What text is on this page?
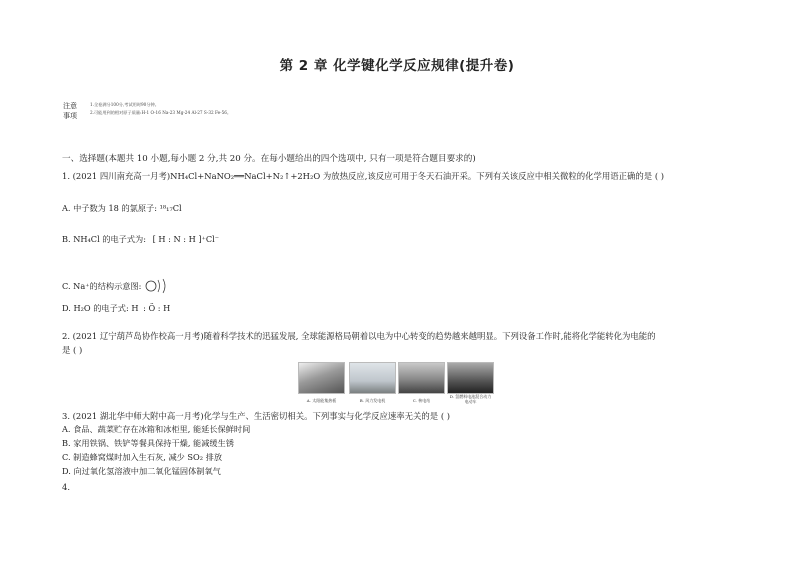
第 2 章 化学键化学反应规律(提升卷)
注意
事项
1.全卷满分100分,考试用时90分钟。
2.可能用到的相对原子质量:H-1 O-16 Na-23 Mg-24 Al-27 S-32 Fe-56。
一、选择题(本题共 10 小题,每小题 2 分,共 20 分。在每小题给出的四个选项中, 只有一项是符合题目要求的)
1. (2021 四川南充高一月考)NH₄Cl+NaNO₂══NaCl+N₂↑+2H₂O 为放热反应,该反应可用于冬天石油开采。下列有关该反应中相关微粒的化学用语正确的是 ( )
A. 中子数为 18 的氯原子: ¹⁸₁₇Cl
B. NH₄Cl 的电子式为: [ H : N : H ]⁺Cl⁻
C. Na⁺的结构示意图:
D. H₂O 的电子式: H : Ö : H
2. (2021 辽宁葫芦岛协作校高一月考)随着科学技术的迅猛发展, 全球能源格局朝着以电为中心转变的趋势越来越明显。下列设备工作时,能将化学能转化为电能的
是 ( )
A. 太阳能集热板	B. 风力发电机	C. 核电站
D. 氢燃料电池混合动力电动车
3. (2021 湖北华中师大附中高一月考)化学与生产、生活密切相关。下列事实与化学反应速率无关的是 ( )
A. 食品、蔬菜贮存在冰箱和冰柜里, 能延长保鲜时间
B. 家用铁锅、铁铲等餐具保持干燥, 能减缓生锈
C. 制造蜂窝煤时加入生石灰, 减少 SO₂ 排放
D. 向过氧化氢溶液中加二氧化锰固体制氧气
4.
